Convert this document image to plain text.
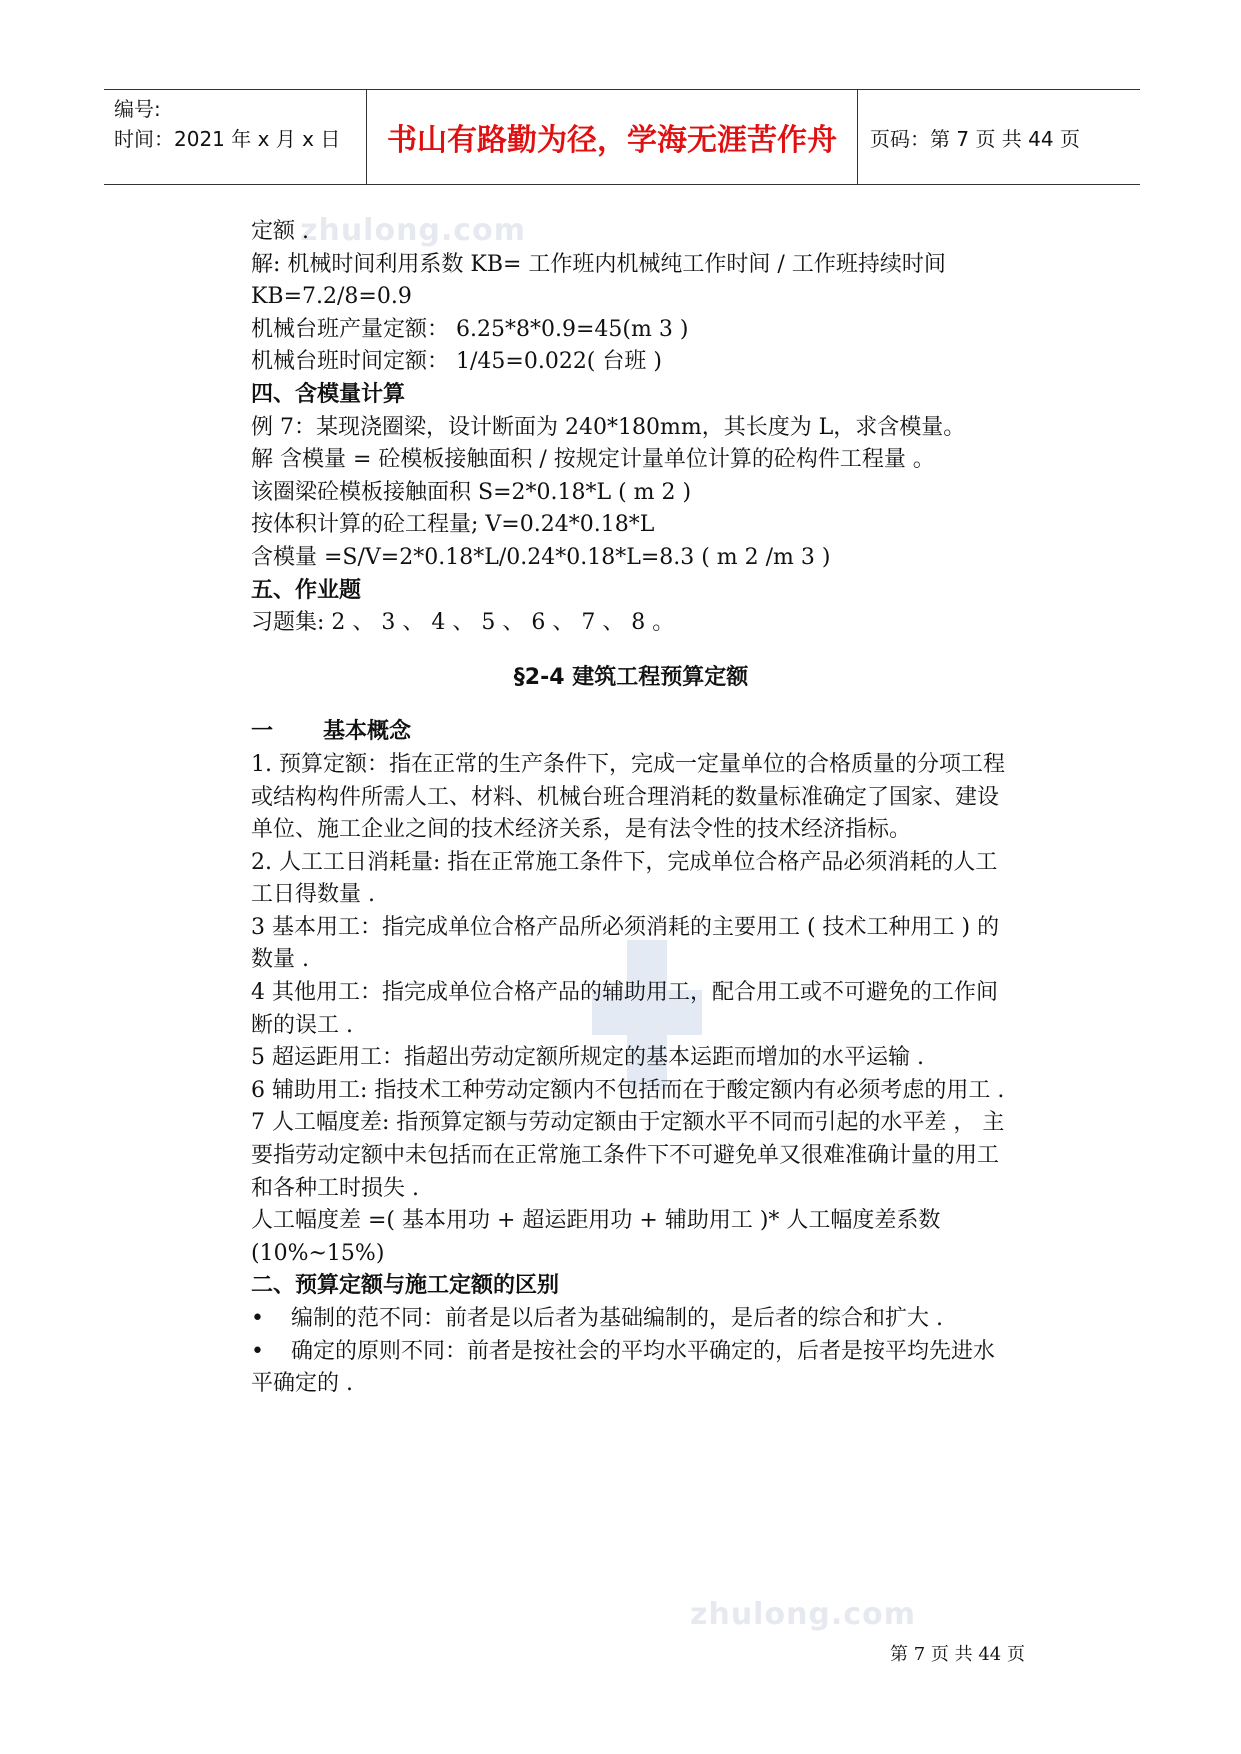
编号:
时间：2021 年 x 月 x 日	书山有路勤为径，学海无涯苦作舟	页码：第 7 页 共 44 页
zhulong.com
zhulong.com

定额 .

解: 机械时间利用系数 KB= 工作班内机械纯工作时间 / 工作班持续时间 KB=7.2/8=0.9

机械台班产量定额： 6.25*8*0.9=45(m 3 )

机械台班时间定额： 1/45=0.022( 台班 )

四、含模量计算

例 7：某现浇圈梁，设计断面为 240*180mm，其长度为 L，求含模量。

解 含模量 = 砼模板接触面积 / 按规定计量单位计算的砼构件工程量 。

该圈梁砼模板接触面积 S=2*0.18*L ( m 2 )

按体积计算的砼工程量; V=0.24*0.18*L

含模量 =S/V=2*0.18*L/0.24*0.18*L=8.3 ( m 2 /m 3 )

五、作业题

习题集: 2 、 3 、 4 、 5 、 6 、 7 、 8 。

§2-4 建筑工程预算定额

一 基本概念

1. 预算定额：指在正常的生产条件下，完成一定量单位的合格质量的分项工程或结构构件所需人工、材料、机械台班合理消耗的数量标准确定了国家、建设单位、施工企业之间的技术经济关系，是有法令性的技术经济指标。

2. 人工工日消耗量: 指在正常施工条件下，完成单位合格产品必须消耗的人工工日得数量 .

3 基本用工：指完成单位合格产品所必须消耗的主要用工 ( 技术工种用工 ) 的数量 .

4 其他用工：指完成单位合格产品的辅助用工，配合用工或不可避免的工作间断的误工 .

5 超运距用工：指超出劳动定额所规定的基本运距而增加的水平运输 .

6 辅助用工: 指技术工种劳动定额内不包括而在于酸定额内有必须考虑的用工 .

7 人工幅度差: 指预算定额与劳动定额由于定额水平不同而引起的水平差 ， 主要指劳动定额中未包括而在正常施工条件下不可避免单又很难准确计量的用工和各种工时损失 .

人工幅度差 =( 基本用功 + 超运距用功 + 辅助用工 )* 人工幅度差系数 (10%~15%)

二、预算定额与施工定额的区别

• 编制的范不同：前者是以后者为基础编制的，是后者的综合和扩大 .

• 确定的原则不同：前者是按社会的平均水平确定的，后者是按平均先进水平确定的 .

第 7 页 共 44 页
